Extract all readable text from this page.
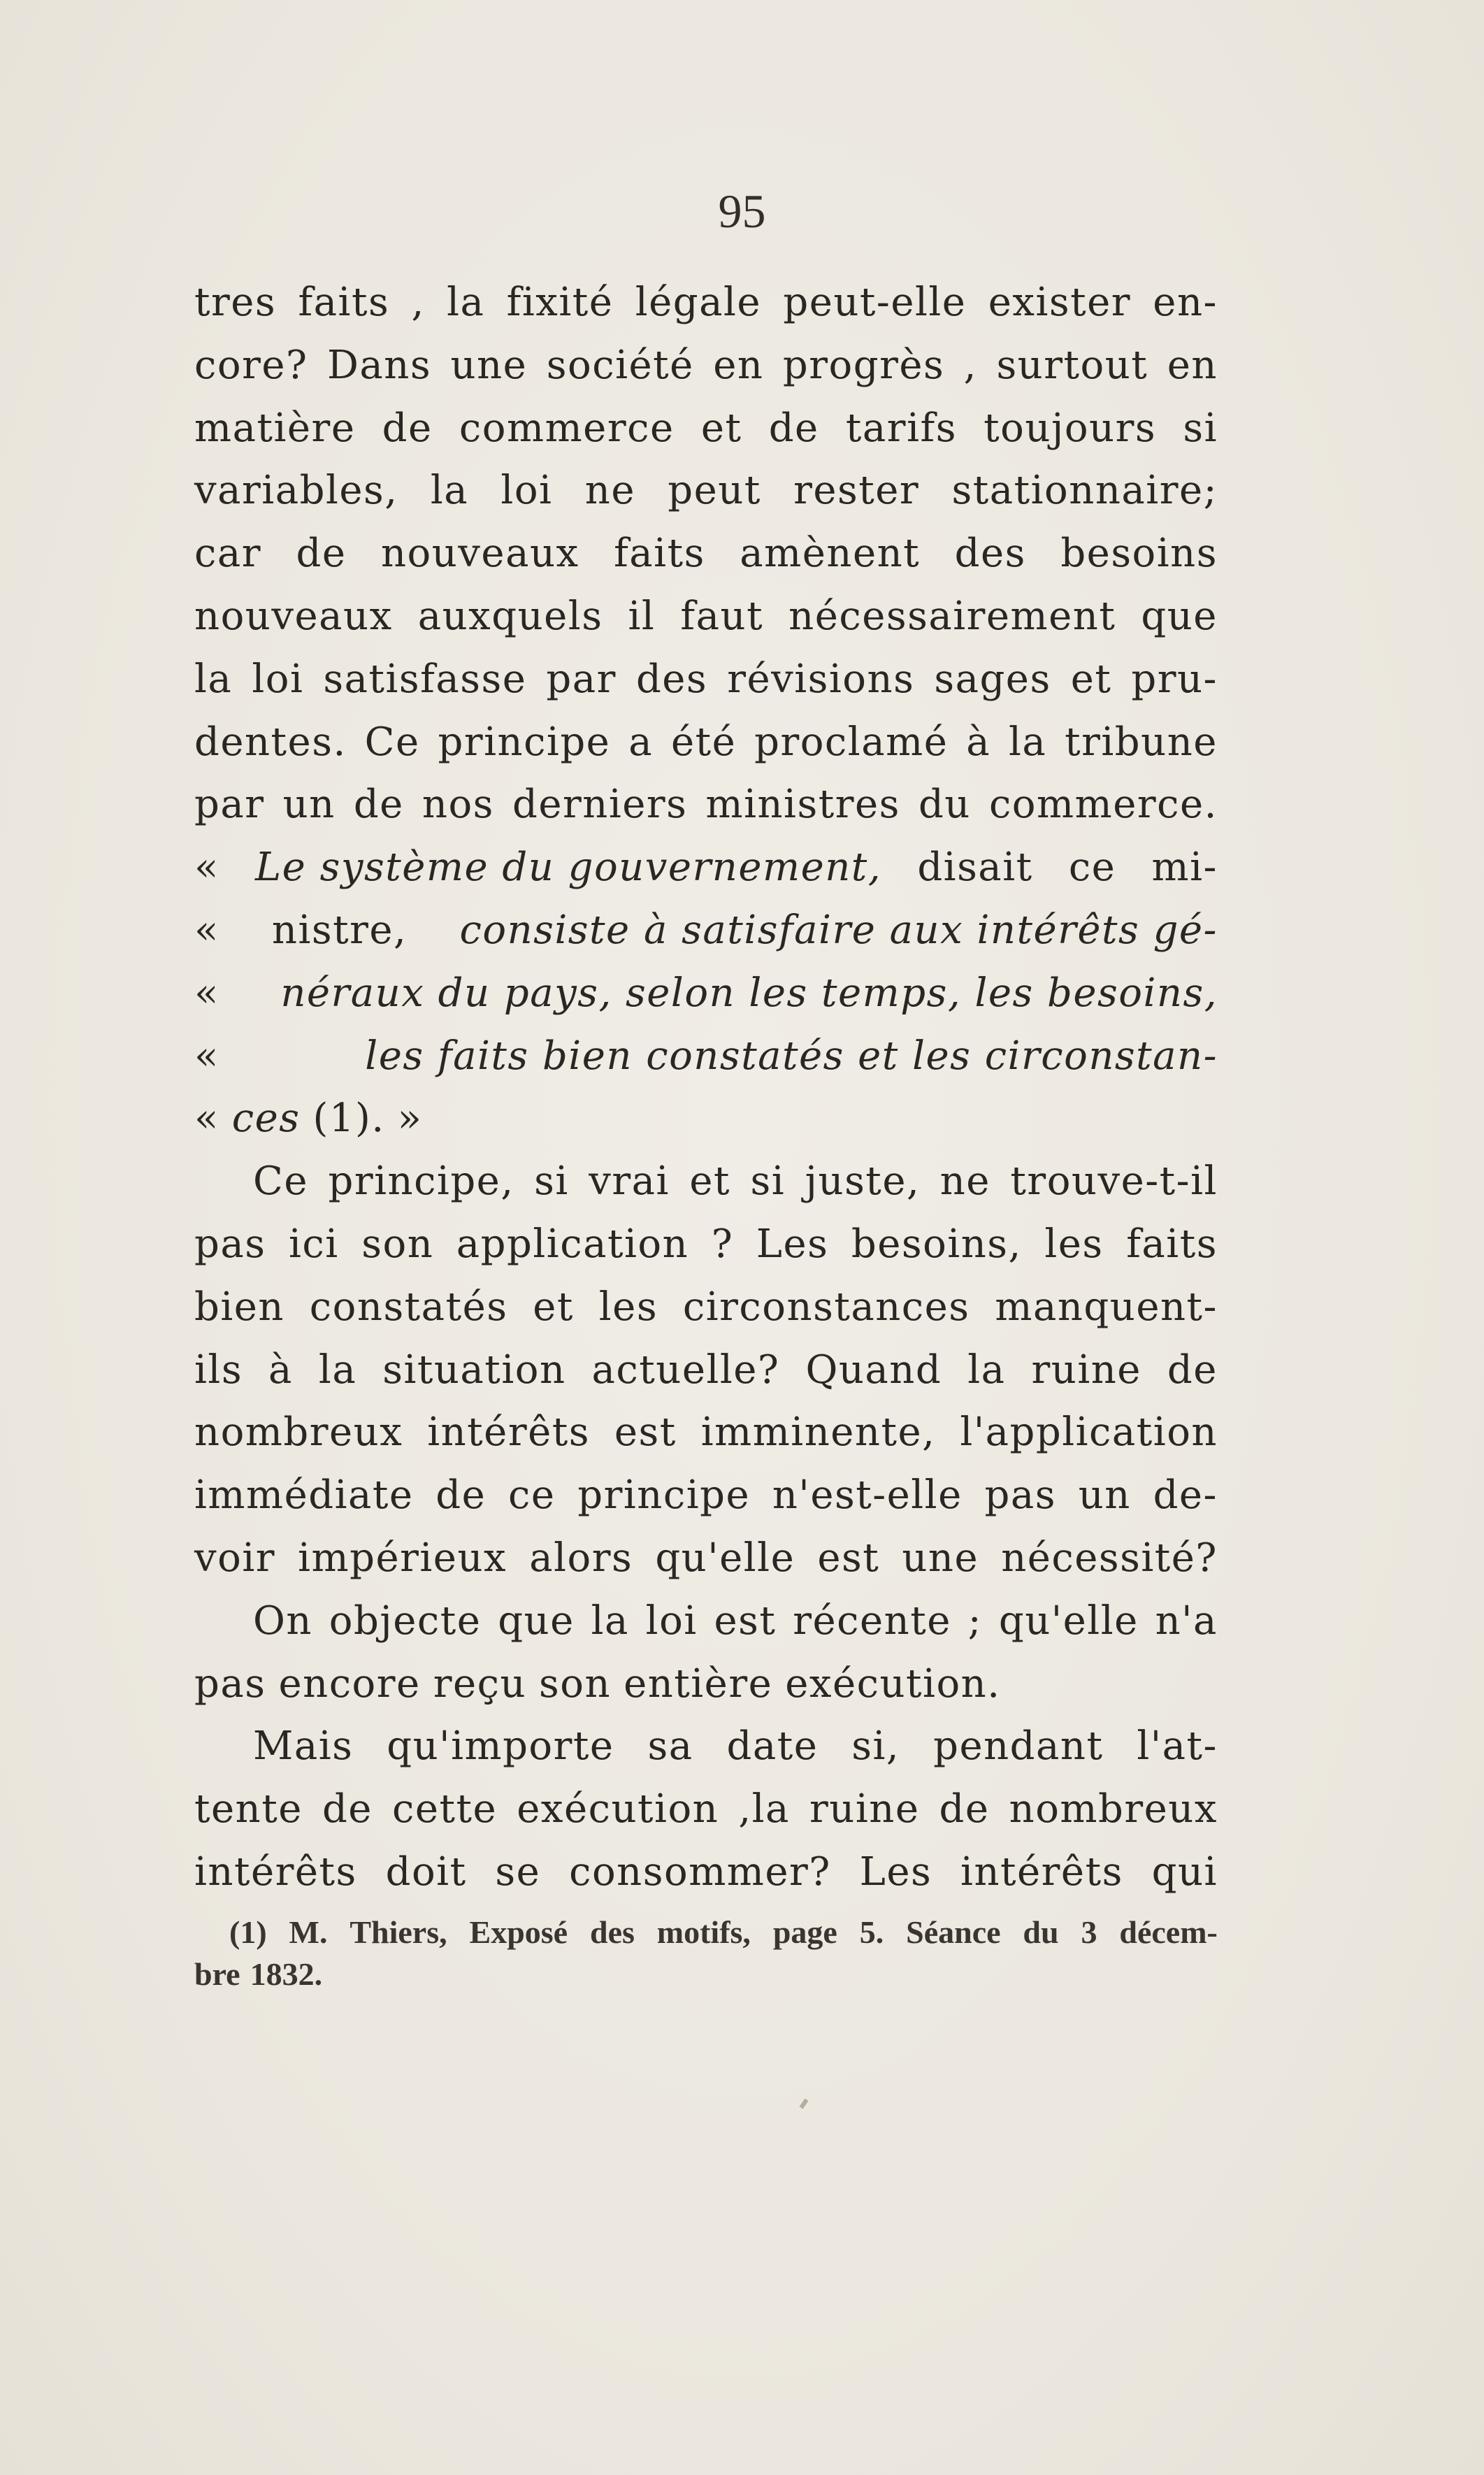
95
tres faits , la fixité légale peut-elle exister en-
core? Dans une société en progrès , surtout en
matière de commerce et de tarifs toujours si
variables, la loi ne peut rester stationnaire;
car de nouveaux faits amènent des besoins
nouveaux auxquels il faut nécessairement que
la loi satisfasse par des révisions sages et pru-
dentes. Ce principe a été proclamé à la tribune
par un de nos derniers ministres du commerce.
« Le système du gouvernement, disait ce mi-
« nistre, consiste à satisfaire aux intérêts gé-
« néraux du pays, selon les temps, les besoins,
«	les faits bien constatés et les circonstan-
« ces (1). »
Ce principe, si vrai et si juste, ne trouve-t-il
pas ici son application ? Les besoins, les faits
bien constatés et les circonstances manquent-
ils à la situation actuelle? Quand la ruine de
nombreux intérêts est imminente, l'application
immédiate de ce principe n'est-elle pas un de-
voir impérieux alors qu'elle est une nécessité?
On objecte que la loi est récente ; qu'elle n'a
pas encore reçu son entière exécution.
Mais qu'importe sa date si, pendant l'at-
tente de cette exécution ,la ruine de nombreux
intérêts doit se consommer? Les intérêts qui
(1) M. Thiers, Exposé des motifs, page 5. Séance du 3 décem-
bre 1832.
